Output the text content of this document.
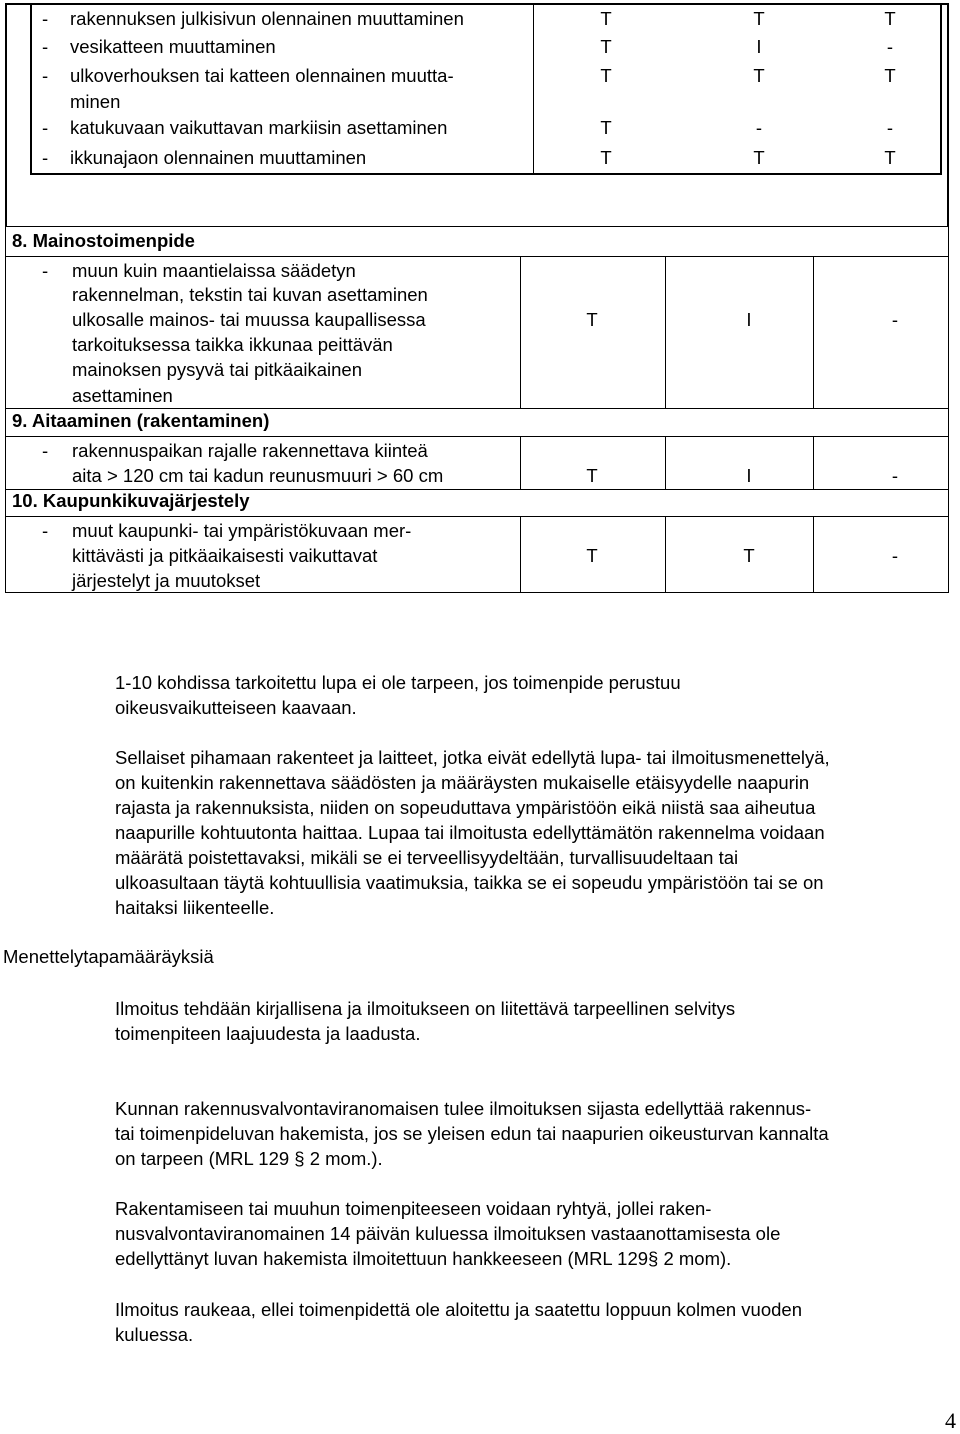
- rakennuksen julkisivun olennainen muuttaminen	T	T	T
- vesikatteen muuttaminen	T	I	-
- ulkoverhouksen tai katteen olennainen muutta-
minen
T	T	T
- katukuvaan vaikuttavan markiisin asettaminen	T	-	-
- ikkunajaon olennainen muuttaminen	T	T	T
8. Mainostoimenpide
- muun kuin maantielaissa säädetyn
rakennelman, tekstin tai kuvan asettaminen
ulkosalle mainos- tai muussa kaupallisessa
tarkoituksessa taikka ikkunaa peittävän
mainoksen pysyvä tai pitkäaikainen
asettaminen
T	I	-
9. Aitaaminen (rakentaminen)
- rakennuspaikan rajalle rakennettava kiinteä
aita > 120 cm tai kadun reunusmuuri > 60 cm	T	I	-
10. Kaupunkikuvajärjestely
- muut kaupunki- tai ympäristökuvaan mer-
kittävästi ja pitkäaikaisesti vaikuttavat
järjestelyt ja muutokset
T	T	-
1-10 kohdissa tarkoitettu lupa ei ole tarpeen, jos toimenpide perustuu
oikeusvaikutteiseen kaavaan.
Sellaiset pihamaan rakenteet ja laitteet, jotka eivät edellytä lupa- tai ilmoitusmenettelyä,
on kuitenkin rakennettava säädösten ja määräysten mukaiselle etäisyydelle naapurin
rajasta ja rakennuksista, niiden on sopeuduttava ympäristöön eikä niistä saa aiheutua
naapurille kohtuutonta haittaa. Lupaa tai ilmoitusta edellyttämätön rakennelma voidaan
määrätä poistettavaksi, mikäli se ei terveellisyydeltään, turvallisuudeltaan tai
ulkoasultaan täytä kohtuullisia vaatimuksia, taikka se ei sopeudu ympäristöön tai se on
haitaksi liikenteelle.
Menettelytapamääräyksiä
Ilmoitus tehdään kirjallisena ja ilmoitukseen on liitettävä tarpeellinen selvitys
toimenpiteen laajuudesta ja laadusta.
Kunnan rakennusvalvontaviranomaisen tulee ilmoituksen sijasta edellyttää rakennus-
tai toimenpideluvan hakemista, jos se yleisen edun tai naapurien oikeusturvan kannalta
on tarpeen (MRL 129 § 2 mom.).
Rakentamiseen tai muuhun toimenpiteeseen voidaan ryhtyä, jollei raken-
nusvalvontaviranomainen 14 päivän kuluessa ilmoituksen vastaanottamisesta ole
edellyttänyt luvan hakemista ilmoitettuun hankkeeseen (MRL 129§ 2 mom).
Ilmoitus raukeaa, ellei toimenpidettä ole aloitettu ja saatettu loppuun kolmen vuoden
kuluessa.
4
